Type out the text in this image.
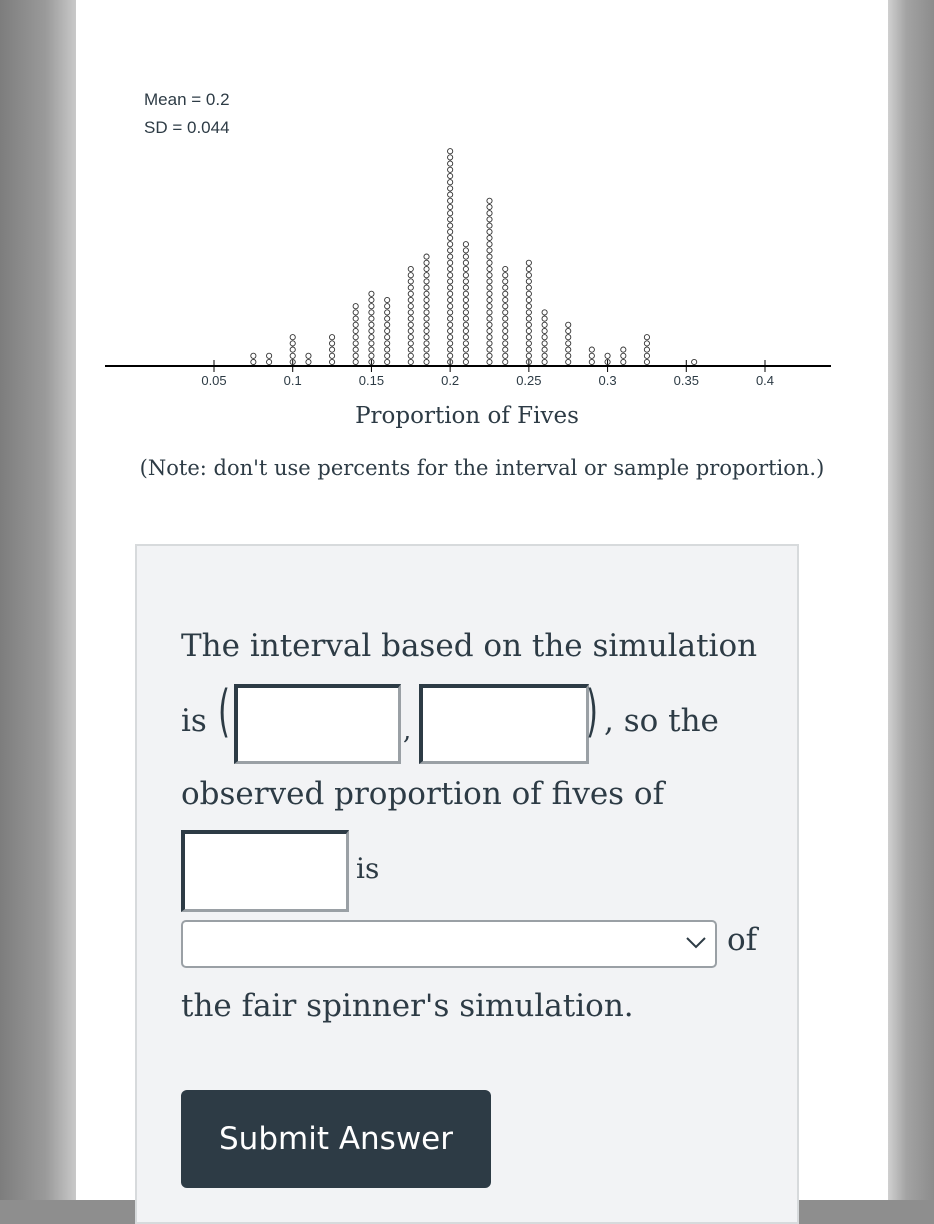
Mean = 0.2
SD = 0.044
0.05	0.1	0.15	0.2	0.25	0.3	0.35	0.4
Proportion of Fives
(Note: don't use percents for the interval or sample proportion.)
The interval based on the simulation
is (	,	) , so the
observed proportion of fives of
is
of
the fair spinner's simulation.
Submit Answer
